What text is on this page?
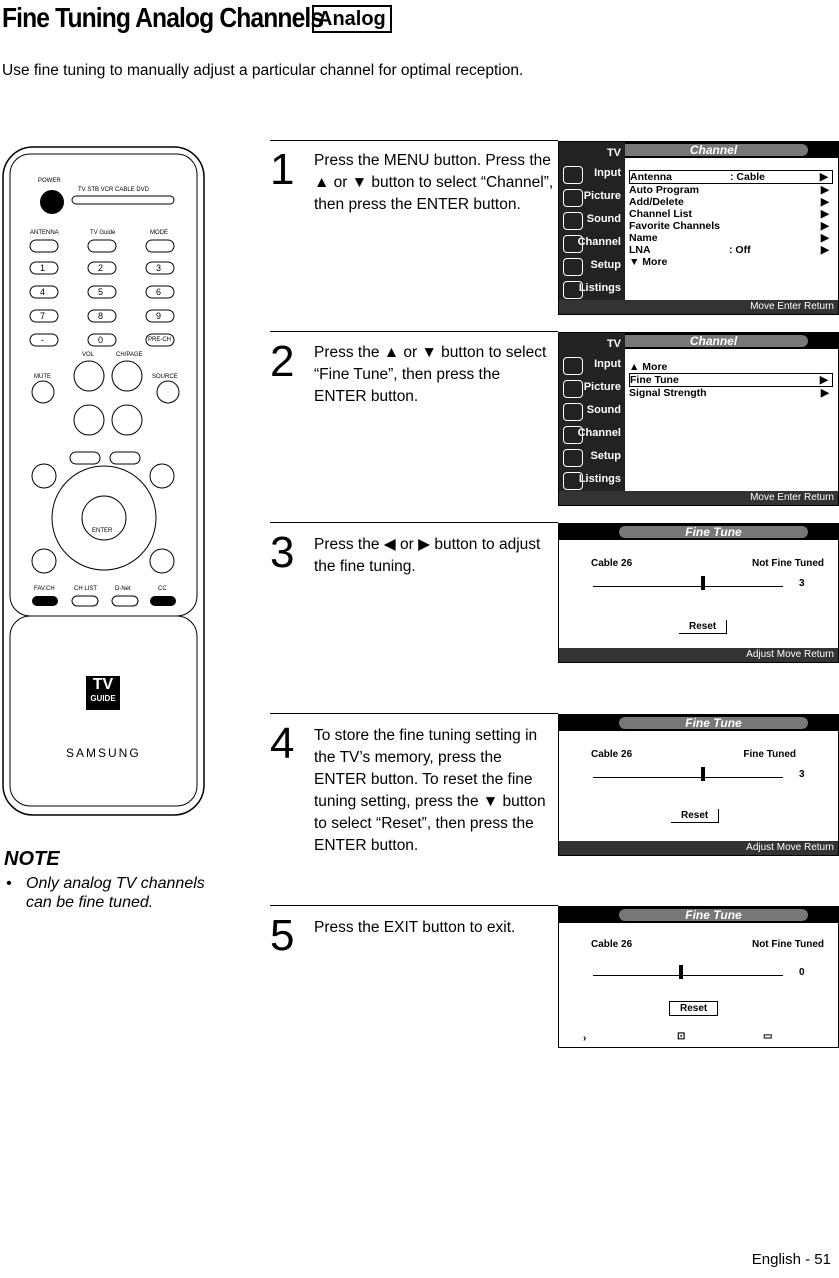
Fine Tuning Analog Channels
Analog
Use fine tuning to manually adjust a particular channel for optimal reception.
POWER
TV STB VCR CABLE DVD
ANTENNA	TV Guide	MODE
1	2	3
4	5	6
7	8	9
-	0	PRE-CH
VOL	CH/PAGE
MUTE	SOURCE
ENTER
FAV.CH	CH LIST	D-Net	CC
TV
GUIDE
SAMSUNG
NOTE
• Only analog TV channels can be fine tuned.
1 Press the MENU button. Press the ▲ or ▼ button to select “Channel”, then press the ENTER button.
2 Press the ▲ or ▼ button to select “Fine Tune”, then press the ENTER button.
3 Press the ◀ or ▶ button to adjust the fine tuning.
4 To store the fine tuning setting in the TV’s memory, press the ENTER button. To reset the fine tuning setting, press the ▼ button to select “Reset”, then press the ENTER button.
5 Press the EXIT button to exit.
Channel
TV
Input
Picture
Sound
Channel
Setup
Listings
Antenna	: Cable	▶
Auto Program	▶
Add/Delete	▶
Channel List	▶
Favorite Channels	▶
Name	▶
LNA	: Off	▶
▼ More
Move Enter Return
Channel
TV
Input
Picture
Sound
Channel
Setup
Listings
▲ More
Fine Tune	▶
Signal Strength	▶
Move Enter Return
Fine Tune
Cable 26	Not Fine Tuned
3
Reset
Adjust Move Return
Fine Tune
Cable 26	Fine Tuned
3
Reset
Adjust Move Return
Fine Tune
Cable 26	Not Fine Tuned
0
Reset
›	⊡	▭
English - 51
